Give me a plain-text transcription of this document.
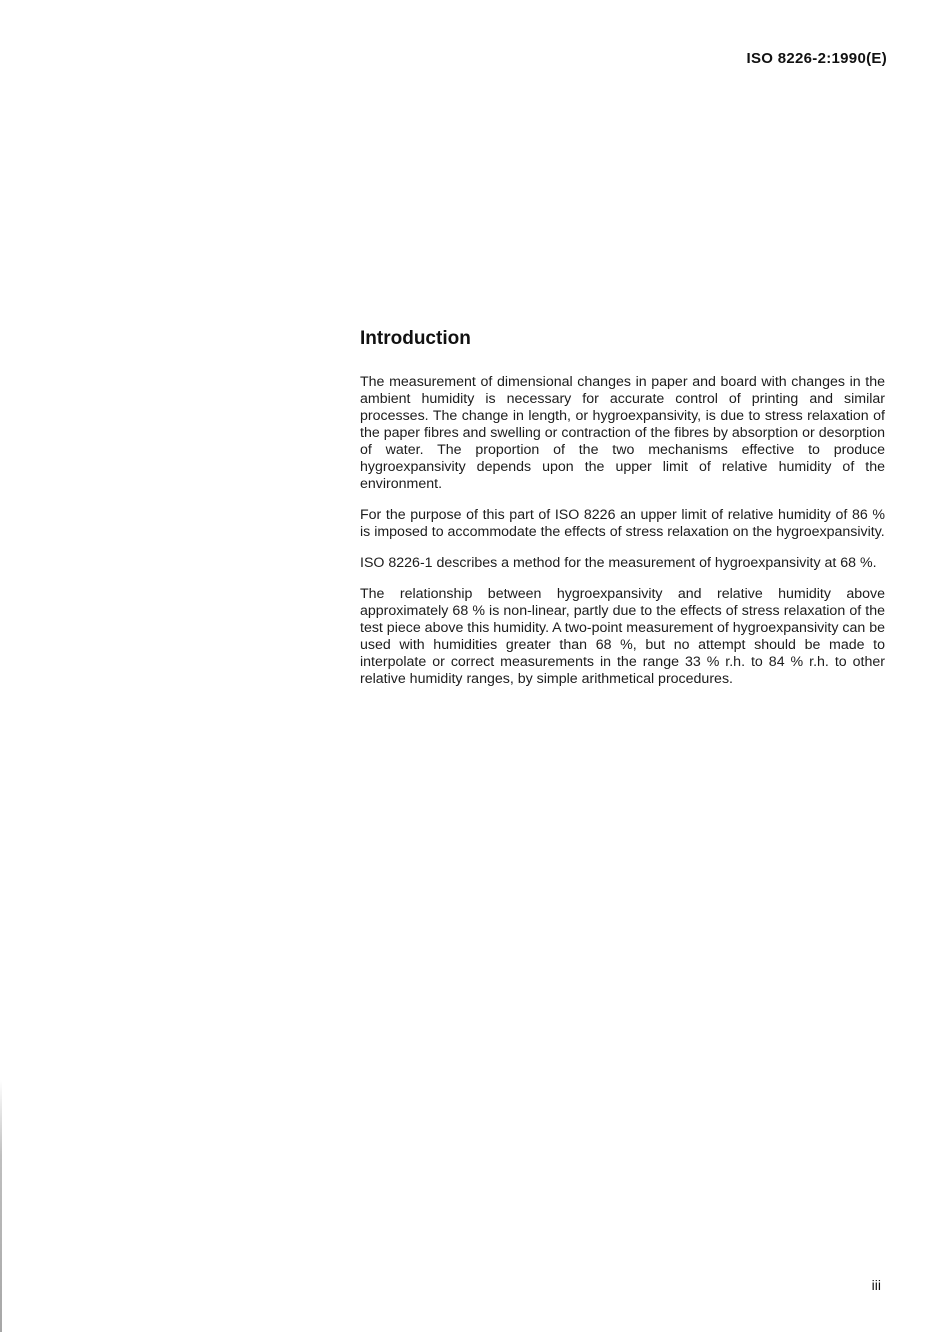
ISO 8226-2:1990(E)
Introduction

The measurement of dimensional changes in paper and board with changes in the ambient humidity is necessary for accurate control of printing and similar processes. The change in length, or hygroexpansivity, is due to stress relaxation of the paper fibres and swelling or contraction of the fibres by absorption or desorption of water. The proportion of the two mechanisms effective to produce hygroexpansivity depends upon the upper limit of relative humidity of the environment.

For the purpose of this part of ISO 8226 an upper limit of relative humidity of 86 % is imposed to accommodate the effects of stress relaxation on the hygroexpansivity.

ISO 8226-1 describes a method for the measurement of hygroexpansivity at 68 %.

The relationship between hygroexpansivity and relative humidity above approximately 68 % is non-linear, partly due to the effects of stress relaxation of the test piece above this humidity. A two-point measurement of hygroexpansivity can be used with humidities greater than 68 %, but no attempt should be made to interpolate or correct measurements in the range 33 % r.h. to 84 % r.h. to other relative humidity ranges, by simple arithmetical procedures.

iii
